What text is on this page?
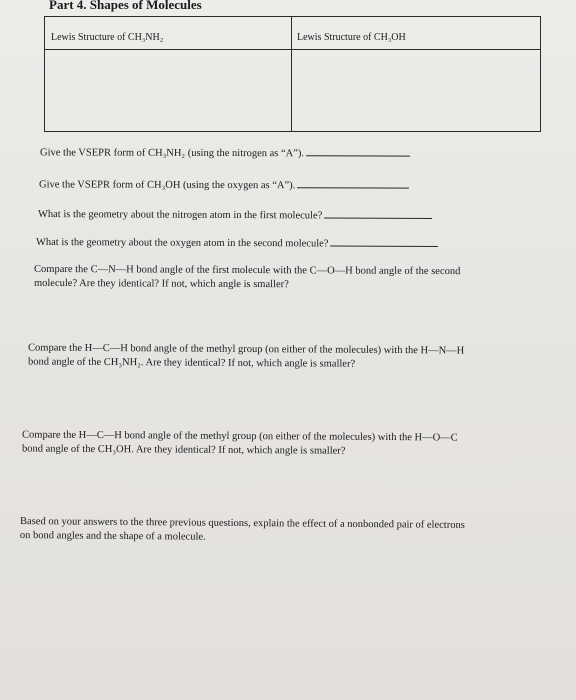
Part 4. Shapes of Molecules
Lewis Structure of CH₃NH₂	Lewis Structure of CH₃OH
Give the VSEPR form of CH₃NH₂ (using the nitrogen as “A”).
Give the VSEPR form of CH₃OH (using the oxygen as “A”).
What is the geometry about the nitrogen atom in the first molecule?
What is the geometry about the oxygen atom in the second molecule?
Compare the C—N—H bond angle of the first molecule with the C—O—H bond angle of the second
molecule? Are they identical? If not, which angle is smaller?
Compare the H—C—H bond angle of the methyl group (on either of the molecules) with the H—N—H
bond angle of the CH₃NH₂. Are they identical? If not, which angle is smaller?
Compare the H—C—H bond angle of the methyl group (on either of the molecules) with the H—O—C
bond angle of the CH₃OH. Are they identical? If not, which angle is smaller?
Based on your answers to the three previous questions, explain the effect of a nonbonded pair of electrons
on bond angles and the shape of a molecule.
